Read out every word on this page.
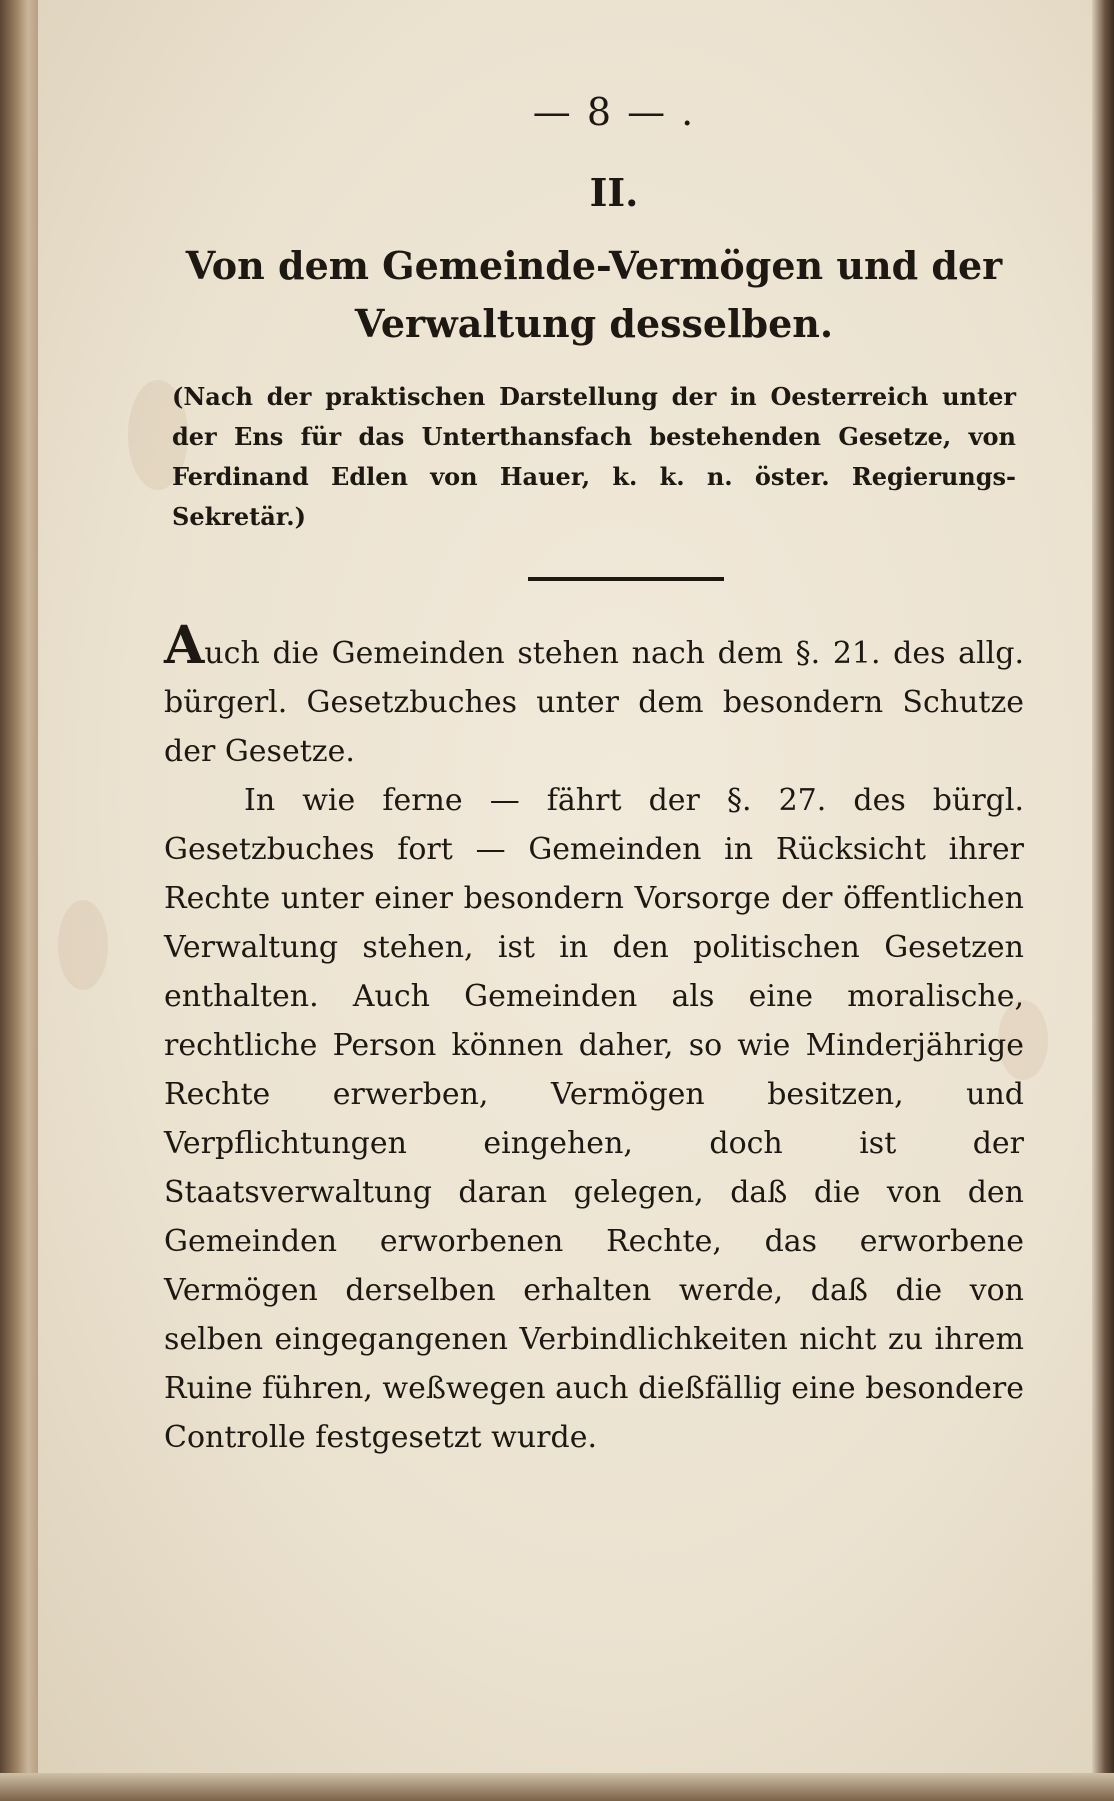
— 8 — .
II.
Von dem Gemeinde-Vermögen und der Verwaltung desselben.
(Nach der praktischen Darstellung der in Oesterreich unter der Ens für das Unterthansfach bestehenden Gesetze, von Ferdinand Edlen von Hauer, k. k. n. öster. Regierungs-Sekretär.)

Auch die Gemeinden stehen nach dem §. 21. des allg. bürgerl. Gesetzbuches unter dem besondern Schutze der Gesetze.

In wie ferne — fährt der §. 27. des bürgl. Gesetzbuches fort — Gemeinden in Rücksicht ihrer Rechte unter einer besondern Vorsorge der öffentlichen Verwaltung stehen, ist in den politischen Gesetzen enthalten. Auch Gemeinden als eine moralische, rechtliche Person können daher, so wie Minderjährige Rechte erwerben, Vermögen besitzen, und Verpflichtungen eingehen, doch ist der Staatsverwaltung daran gelegen, daß die von den Gemeinden erworbenen Rechte, das erworbene Vermögen derselben erhalten werde, daß die von selben eingegangenen Verbindlichkeiten nicht zu ihrem Ruine führen, weßwegen auch dießfällig eine besondere Controlle festgesetzt wurde.
